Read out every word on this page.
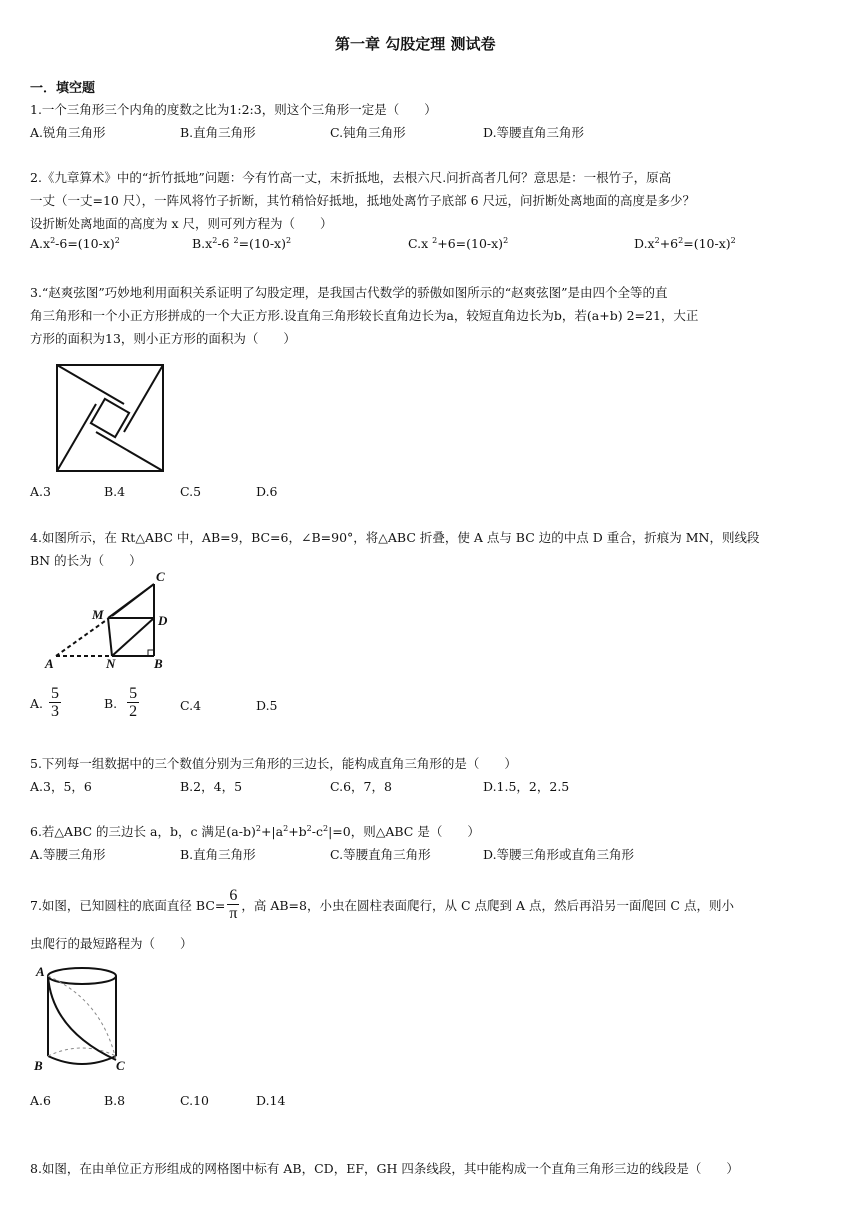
第一章 勾股定理 测试卷
一．填空题
1.一个三角形三个内角的度数之比为1:2:3，则这个三角形一定是（　　）
A.锐角三角形	B.直角三角形	C.钝角三角形	D.等腰直角三角形
2.《九章算术》中的“折竹抵地”问题：今有竹高一丈，末折抵地，去根六尺.问折高者几何？意思是：一根竹子，原高
一丈（一丈=10 尺），一阵风将竹子折断，其竹稍恰好抵地，抵地处离竹子底部 6 尺远，问折断处离地面的高度是多少？
设折断处离地面的高度为 x 尺，则可列方程为（　　）
$A.x^2-6=(10-x)^2$	$B.x^2-6$ $^2=(10-x)^2$	C.x $^2+6=(10-x)^2$	$D.x^2+6^2=(10-x)^2$
3.“赵爽弦图”巧妙地利用面积关系证明了勾股定理，是我国古代数学的骄傲如图所示的“赵爽弦图”是由四个全等的直
角三角形和一个小正方形拼成的一个大正方形.设直角三角形较长直角边长为a，较短直角边长为b，若(a+b) 2=21，大正
方形的面积为13，则小正方形的面积为（　　）
A.3	B.4	C.5	D.6
4.如图所示，在 Rt△ABC 中，AB=9，BC=6，∠B=90°，将△ABC 折叠，使 A 点与 BC 边的中点 D 重合，折痕为 MN，则线段
BN 的长为（　　）
C
M	D
A	N	B
A. $\frac{5}{3}$	B. $\frac{5}{2}$	C.4	D.5
5.下列每一组数据中的三个数值分别为三角形的三边长，能构成直角三角形的是（　　）
A.3，5，6	B.2，4，5	C.6，7，8	D.1.5，2，2.5
6.若△ABC 的三边长 a，b，c 满足$(a-b)^2+|a^2+b^2-c^2|=0$，则△ABC 是（　　）
A.等腰三角形	B.直角三角形	C.等腰直角三角形	D.等腰三角形或直角三角形
7.如图，已知圆柱的底面直径 $BC= \frac{6}{\pi}$ ，高 AB=8，小虫在圆柱表面爬行，从 C 点爬到 A 点，然后再沿另一面爬回 C 点，则小
虫爬行的最短路程为（　　）
A
B	C
A.6	B.8	C.10	D.14
8.如图，在由单位正方形组成的网格图中标有 AB，CD，EF，GH 四条线段，其中能构成一个直角三角形三边的线段是（　　）
